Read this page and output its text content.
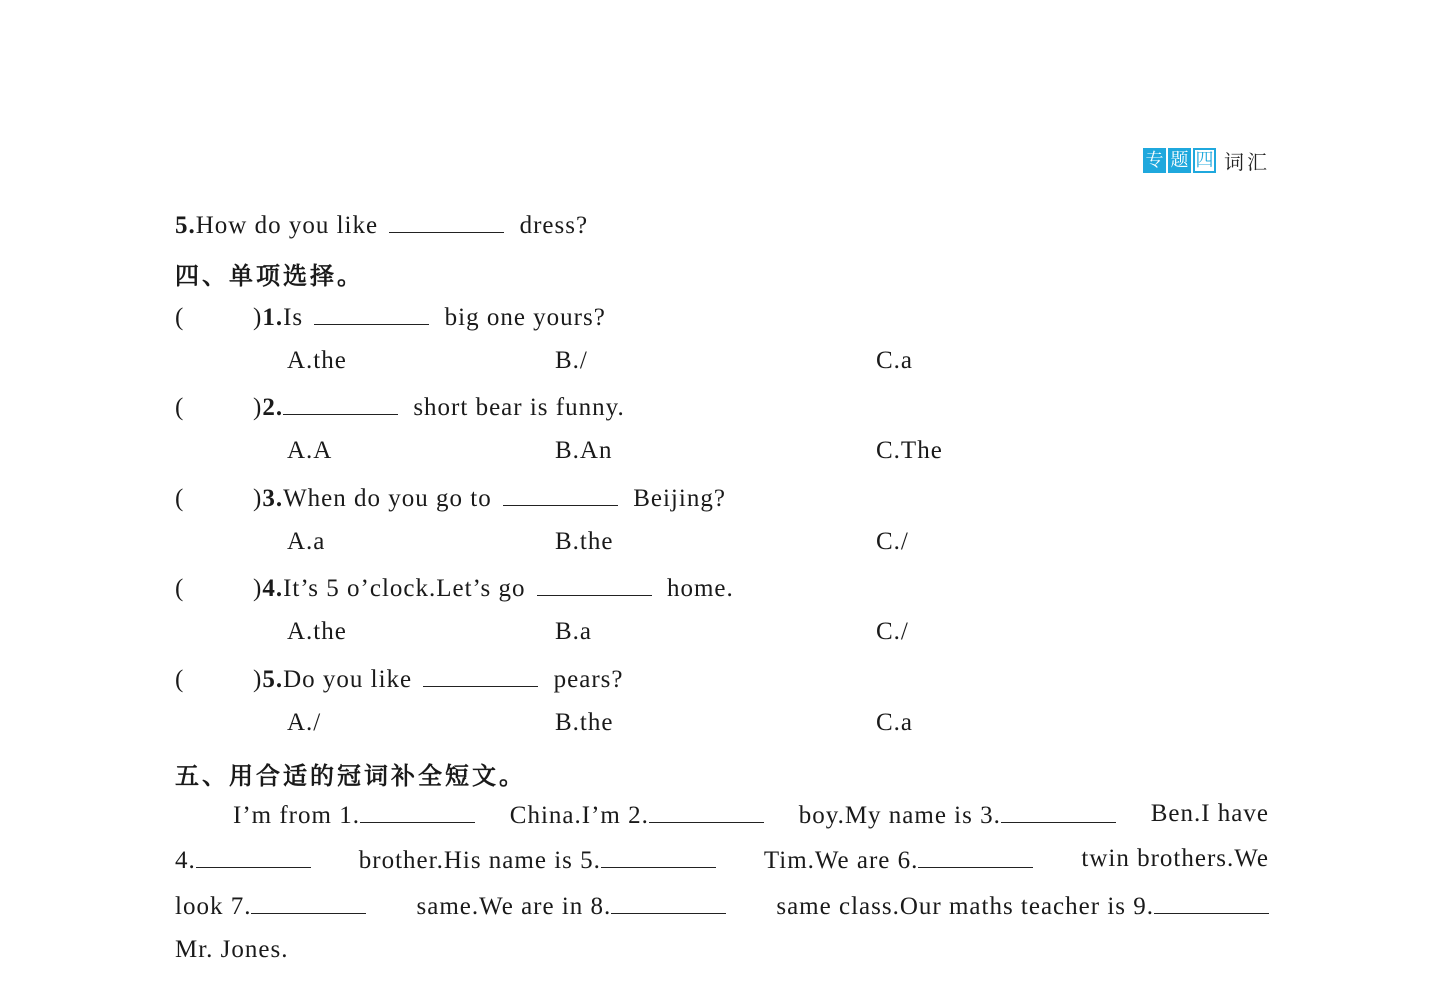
专 题 四 词汇
5.How do you like	dress?
四、单项选择。
(	)1.Is	big one yours?
A.the	B./	C.a
(	)2.	short bear is funny.
A.A	B.An	C.The
(	)3.When do you go to	Beijing?
A.a	B.the	C./
(	)4.It’s 5 o’clock.Let’s go	home.
A.the	B.a	C./
(	)5.Do you like	pears?
A./	B.the	C.a
五、用合适的冠词补全短文。
I’m from 1.	China.I’m 2.	boy.My name is 3.	Ben.I have
4.	brother.His name is 5.	Tim.We are 6.	twin brothers.We
look 7.	same.We are in 8.	same class.Our maths teacher is 9.
Mr. Jones.
